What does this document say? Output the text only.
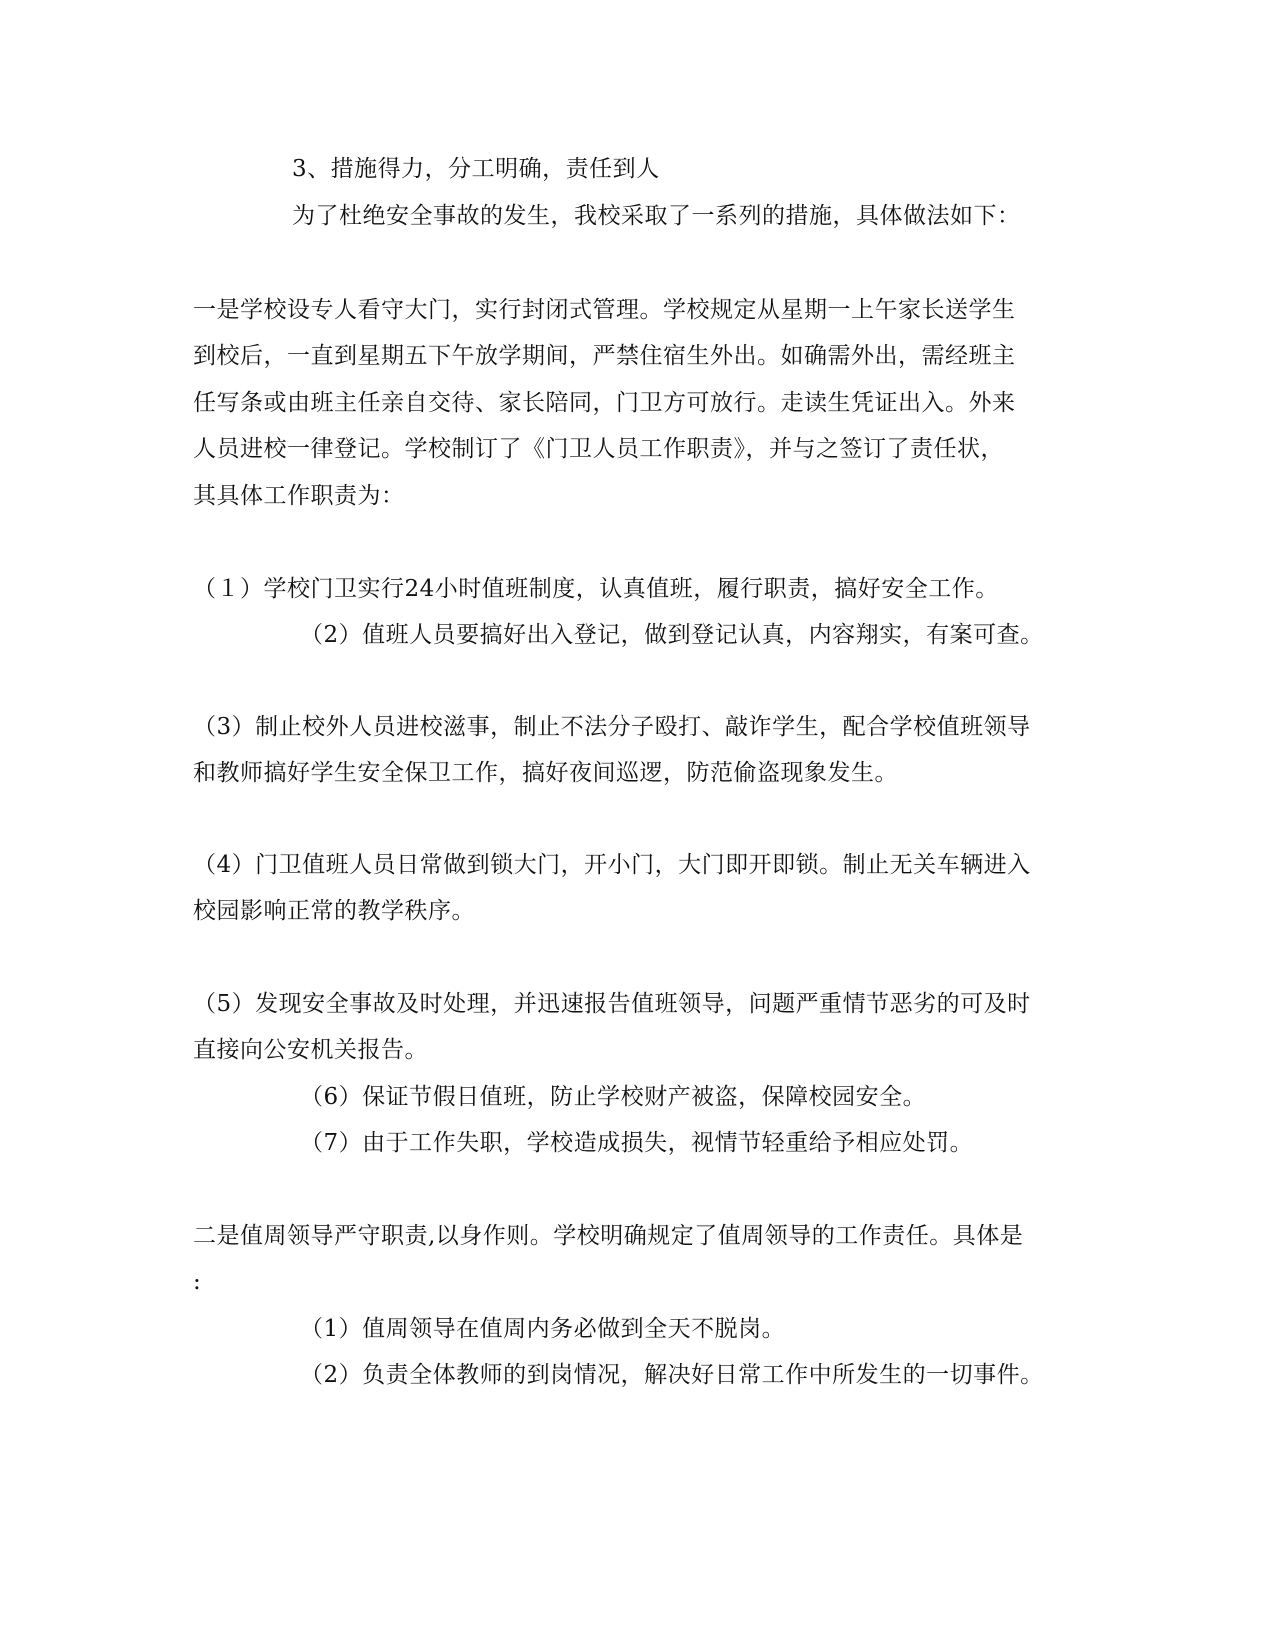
3、措施得力，分工明确，责任到人
为了杜绝安全事故的发生，我校采取了一系列的措施，具体做法如下：
一是学校设专人看守大门，实行封闭式管理。学校规定从星期一上午家长送学生
到校后，一直到星期五下午放学期间，严禁住宿生外出。如确需外出，需经班主
任写条或由班主任亲自交待、家长陪同，门卫方可放行。走读生凭证出入。外来
人员进校一律登记。学校制订了《门卫人员工作职责》，并与之签订了责任状，
其具体工作职责为：
（１）学校门卫实行24小时值班制度，认真值班，履行职责，搞好安全工作。
（2）值班人员要搞好出入登记，做到登记认真，内容翔实，有案可查。
（3）制止校外人员进校滋事，制止不法分子殴打、敲诈学生，配合学校值班领导
和教师搞好学生安全保卫工作，搞好夜间巡逻，防范偷盗现象发生。
（4）门卫值班人员日常做到锁大门，开小门，大门即开即锁。制止无关车辆进入
校园影响正常的教学秩序。
（5）发现安全事故及时处理，并迅速报告值班领导，问题严重情节恶劣的可及时
直接向公安机关报告。
（6）保证节假日值班，防止学校财产被盗，保障校园安全。
（7）由于工作失职，学校造成损失，视情节轻重给予相应处罚。
二是值周领导严守职责,以身作则。学校明确规定了值周领导的工作责任。具体是
:
（1）值周领导在值周内务必做到全天不脱岗。
（2）负责全体教师的到岗情况，解决好日常工作中所发生的一切事件。
